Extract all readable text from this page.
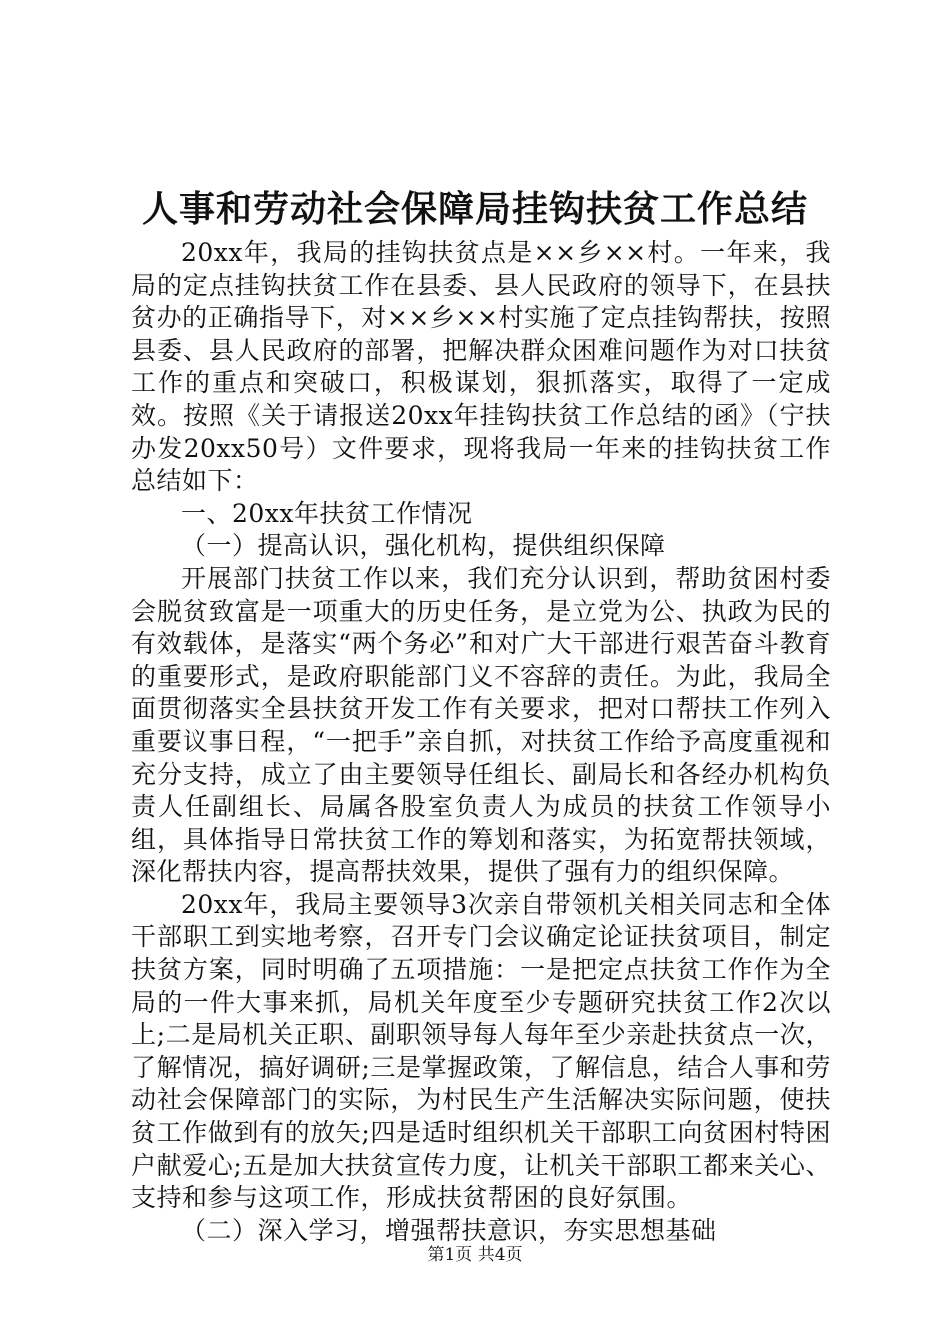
人事和劳动社会保障局挂钩扶贫工作总结

20xx年，我局的挂钩扶贫点是××乡××村。一年来，我局的定点挂钩扶贫工作在县委、县人民政府的领导下，在县扶贫办的正确指导下，对××乡××村实施了定点挂钩帮扶，按照县委、县人民政府的部署，把解决群众困难问题作为对口扶贫工作的重点和突破口，积极谋划，狠抓落实，取得了一定成效。按照《关于请报送20xx年挂钩扶贫工作总结的函》（宁扶办发20xx50号）文件要求，现将我局一年来的挂钩扶贫工作总结如下：

一、20xx年扶贫工作情况

（一）提高认识，强化机构，提供组织保障

开展部门扶贫工作以来，我们充分认识到，帮助贫困村委会脱贫致富是一项重大的历史任务，是立党为公、执政为民的有效载体，是落实“两个务必”和对广大干部进行艰苦奋斗教育的重要形式，是政府职能部门义不容辞的责任。为此，我局全面贯彻落实全县扶贫开发工作有关要求，把对口帮扶工作列入重要议事日程，“一把手”亲自抓，对扶贫工作给予高度重视和充分支持，成立了由主要领导任组长、副局长和各经办机构负责人任副组长、局属各股室负责人为成员的扶贫工作领导小组，具体指导日常扶贫工作的筹划和落实，为拓宽帮扶领域，深化帮扶内容，提高帮扶效果，提供了强有力的组织保障。

20xx年，我局主要领导3次亲自带领机关相关同志和全体干部职工到实地考察，召开专门会议确定论证扶贫项目，制定扶贫方案，同时明确了五项措施：一是把定点扶贫工作作为全局的一件大事来抓，局机关年度至少专题研究扶贫工作2次以上;二是局机关正职、副职领导每人每年至少亲赴扶贫点一次，了解情况，搞好调研;三是掌握政策，了解信息，结合人事和劳动社会保障部门的实际，为村民生产生活解决实际问题，使扶贫工作做到有的放矢;四是适时组织机关干部职工向贫困村特困户献爱心;五是加大扶贫宣传力度，让机关干部职工都来关心、支持和参与这项工作，形成扶贫帮困的良好氛围。

（二）深入学习，增强帮扶意识，夯实思想基础

第1页 共4页
